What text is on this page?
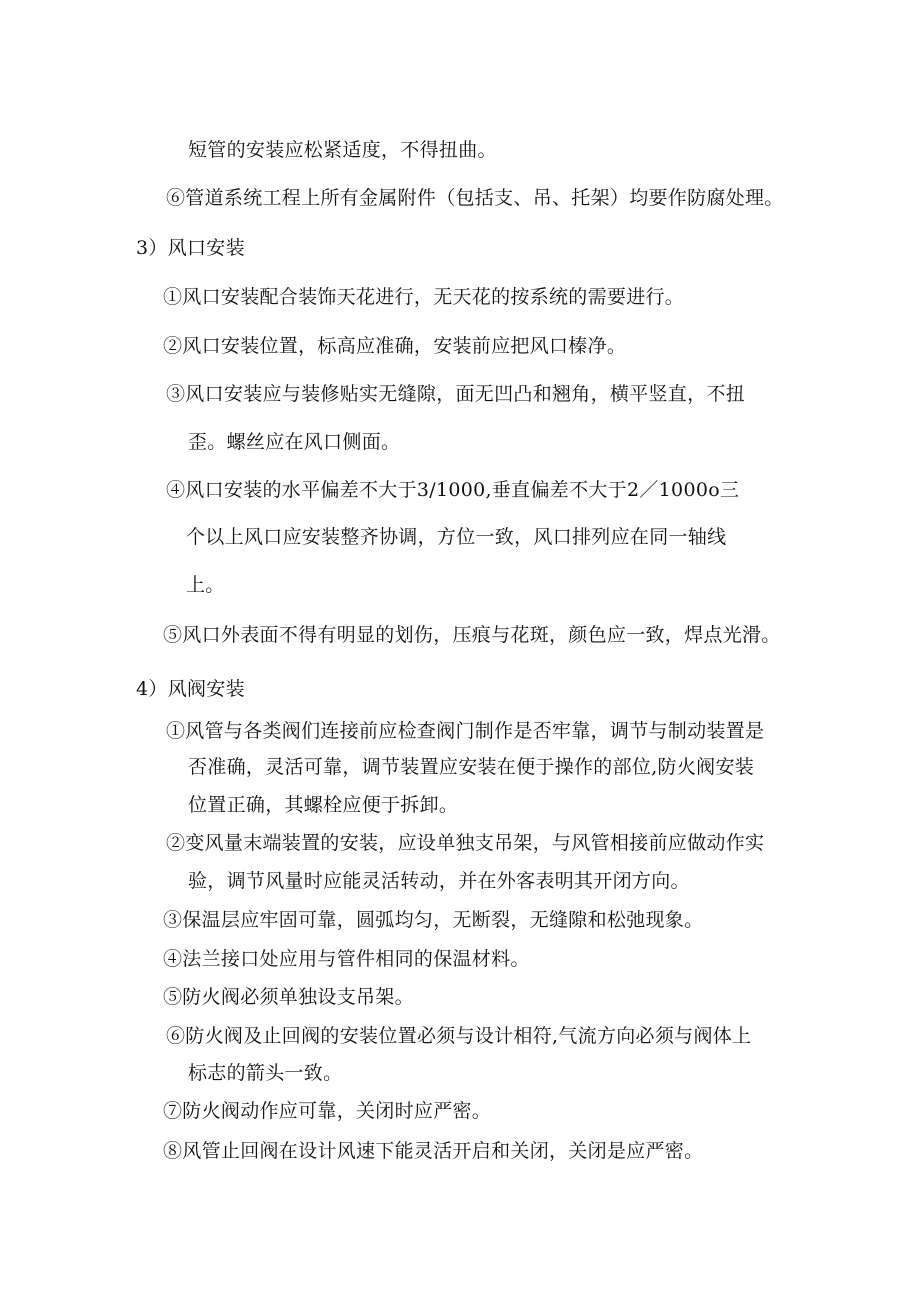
短管的安装应松紧适度，不得扭曲。
⑥管道系统工程上所有金属附件（包括支、吊、托架）均要作防腐处理。
3）风口安装
①风口安装配合装饰天花进行，无天花的按系统的需要进行。
②风口安装位置，标高应准确，安装前应把风口榛净。
③风口安装应与装修贴实无缝隙，面无凹凸和翘角，横平竖直，不扭
歪。螺丝应在风口侧面。
④风口安装的水平偏差不大于3/1000,垂直偏差不大于2／1000o三
个以上风口应安装整齐协调，方位一致，风口排列应在同一轴线
上。
⑤风口外表面不得有明显的划伤，压痕与花斑，颜色应一致，焊点光滑。
4）风阀安装
①风管与各类阀们连接前应检查阀门制作是否牢靠，调节与制动装置是
否准确，灵活可靠，调节装置应安装在便于操作的部位,防火阀安装
位置正确，其螺栓应便于拆卸。
②变风量末端装置的安装，应设单独支吊架，与风管相接前应做动作实
验，调节风量时应能灵活转动，并在外客表明其开闭方向。
③保温层应牢固可靠，圆弧均匀，无断裂，无缝隙和松弛现象。
④法兰接口处应用与管件相同的保温材料。
⑤防火阀必须单独设支吊架。
⑥防火阀及止回阀的安装位置必须与设计相符,气流方向必须与阀体上
标志的箭头一致。
⑦防火阀动作应可靠，关闭时应严密。
⑧风管止回阀在设计风速下能灵活开启和关闭，关闭是应严密。
